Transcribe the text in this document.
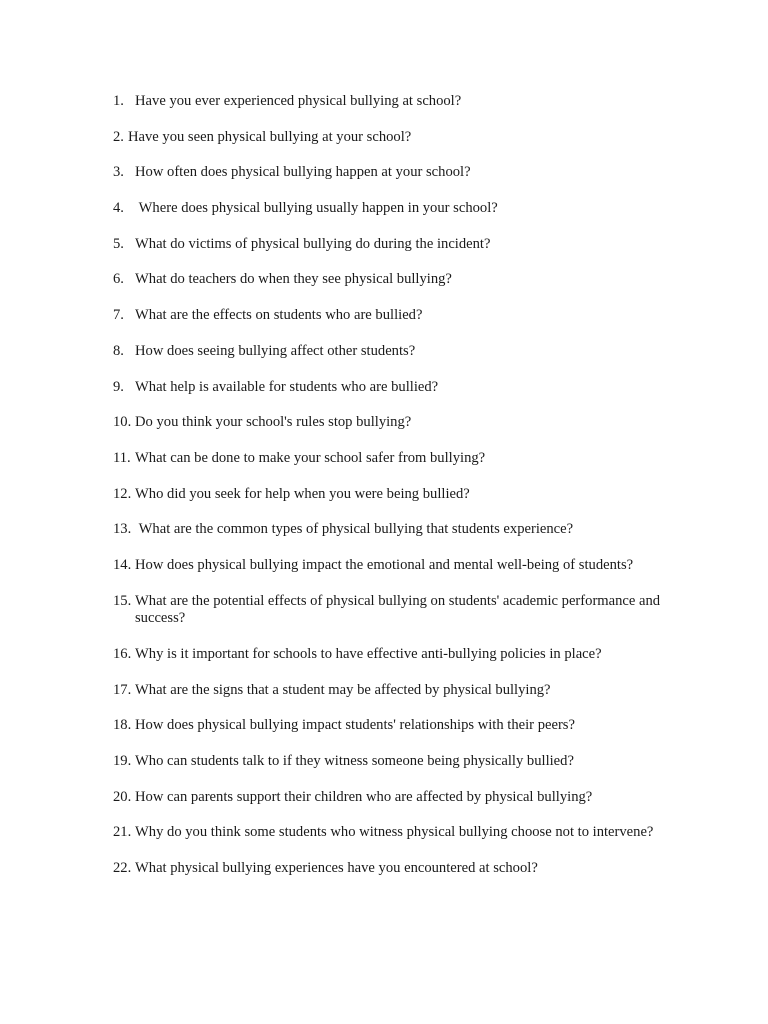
1. Have you ever experienced physical bullying at school?
2. Have you seen physical bullying at your school?
3. How often does physical bullying happen at your school?
4. Where does physical bullying usually happen in your school?
5. What do victims of physical bullying do during the incident?
6. What do teachers do when they see physical bullying?
7. What are the effects on students who are bullied?
8. How does seeing bullying affect other students?
9. What help is available for students who are bullied?
10. Do you think your school's rules stop bullying?
11. What can be done to make your school safer from bullying?
12. Who did you seek for help when you were being bullied?
13. What are the common types of physical bullying that students experience?
14. How does physical bullying impact the emotional and mental well-being of students?
15. What are the potential effects of physical bullying on students' academic performance and success?
16. Why is it important for schools to have effective anti-bullying policies in place?
17. What are the signs that a student may be affected by physical bullying?
18. How does physical bullying impact students' relationships with their peers?
19. Who can students talk to if they witness someone being physically bullied?
20. How can parents support their children who are affected by physical bullying?
21. Why do you think some students who witness physical bullying choose not to intervene?
22. What physical bullying experiences have you encountered at school?
